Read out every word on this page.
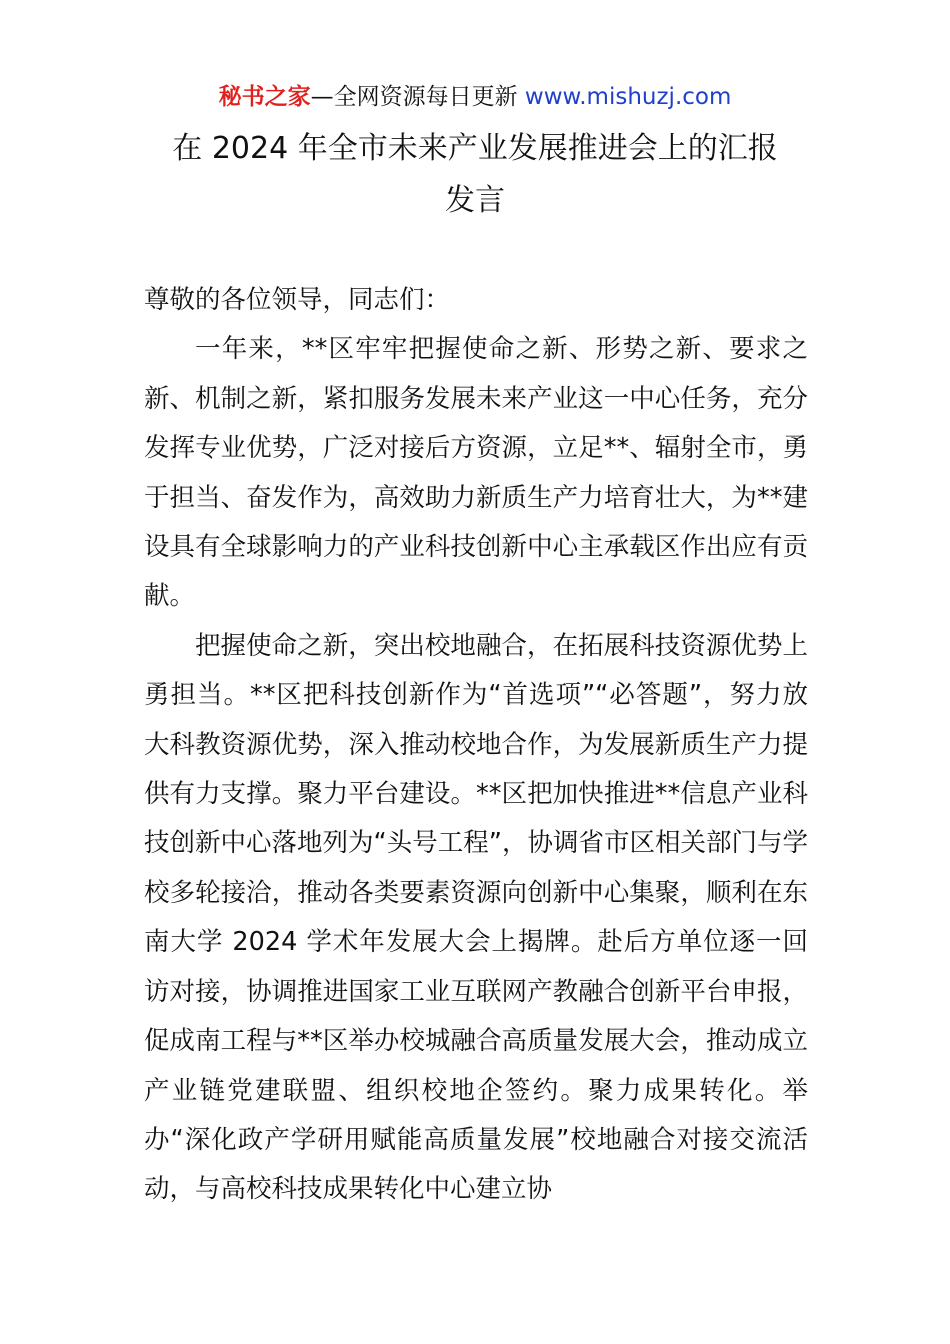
秘书之家—全网资源每日更新 www.mishuzj.com
在 2024 年全市未来产业发展推进会上的汇报
发言

尊敬的各位领导，同志们：

一年来，**区牢牢把握使命之新、形势之新、要求之新、机制之新，紧扣服务发展未来产业这一中心任务，充分发挥专业优势，广泛对接后方资源，立足**、辐射全市，勇于担当、奋发作为，高效助力新质生产力培育壮大，为**建设具有全球影响力的产业科技创新中心主承载区作出应有贡献。

把握使命之新，突出校地融合，在拓展科技资源优势上勇担当。**区把科技创新作为“首选项”“必答题”，努力放大科教资源优势，深入推动校地合作，为发展新质生产力提供有力支撑。聚力平台建设。**区把加快推进**信息产业科技创新中心落地列为“头号工程”，协调省市区相关部门与学校多轮接洽，推动各类要素资源向创新中心集聚，顺利在东南大学 2024 学术年发展大会上揭牌。赴后方单位逐一回访对接，协调推进国家工业互联网产教融合创新平台申报，促成南工程与**区举办校城融合高质量发展大会，推动成立产业链党建联盟、组织校地企签约。聚力成果转化。举办“深化政产学研用赋能高质量发展”校地融合对接交流活动，与高校科技成果转化中心建立协
